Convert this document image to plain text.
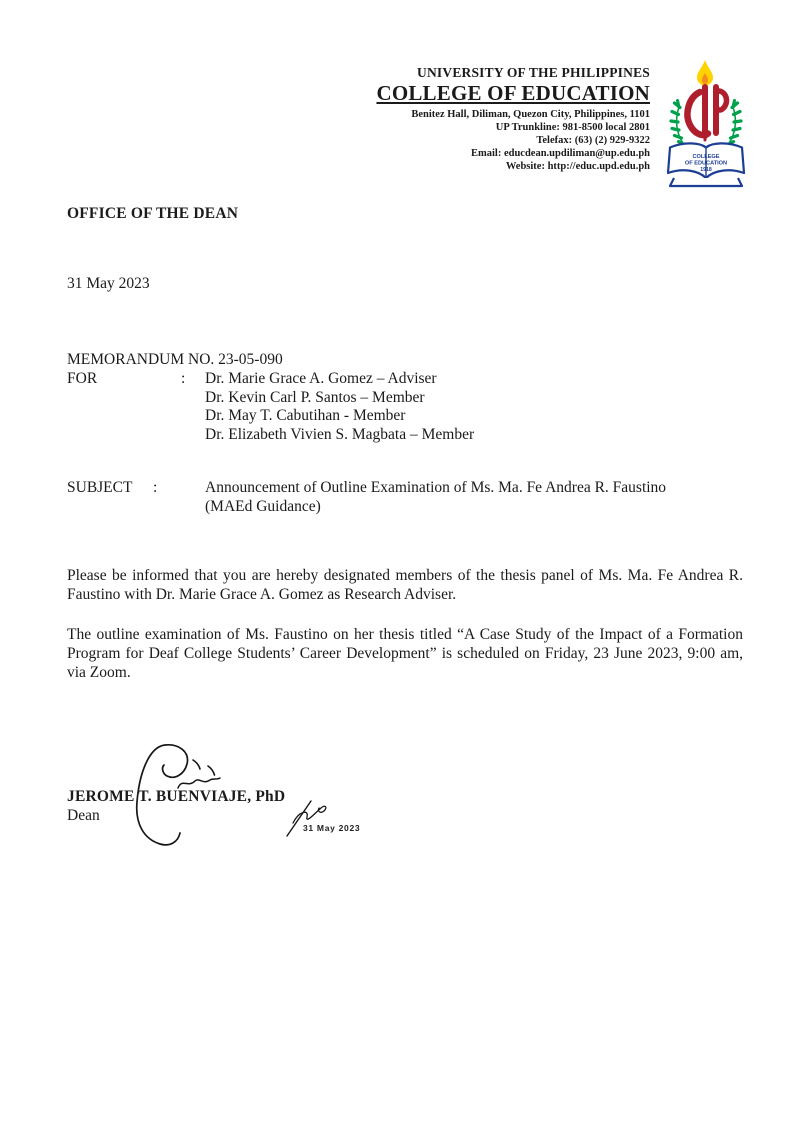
UNIVERSITY OF THE PHILIPPINES
COLLEGE OF EDUCATION
Benitez Hall, Diliman, Quezon City, Philippines, 1101
UP Trunkline: 981-8500 local 2801
Telefax: (63) (2) 929-9322
Email: educdean.updiliman@up.edu.ph
Website: http://educ.upd.edu.ph
COLLEGE
OF EDUCATION
1918
OFFICE OF THE DEAN
31 May 2023
MEMORANDUM NO. 23-05-090
FOR	:	Dr. Marie Grace A. Gomez – Adviser
Dr. Kevin Carl P. Santos – Member
Dr. May T. Cabutihan - Member
Dr. Elizabeth Vivien S. Magbata – Member
SUBJECT	:	Announcement of Outline Examination of Ms. Ma. Fe Andrea R. Faustino
(MAEd Guidance)

Please be informed that you are hereby designated members of the thesis panel of Ms. Ma. Fe Andrea R. Faustino with Dr. Marie Grace A. Gomez as Research Adviser.

The outline examination of Ms. Faustino on her thesis titled “A Case Study of the Impact of a Formation Program for Deaf College Students’ Career Development” is scheduled on Friday, 23 June 2023, 9:00 am, via Zoom.

JEROME T. BUENVIAJE, PhD
Dean
31 May 2023
